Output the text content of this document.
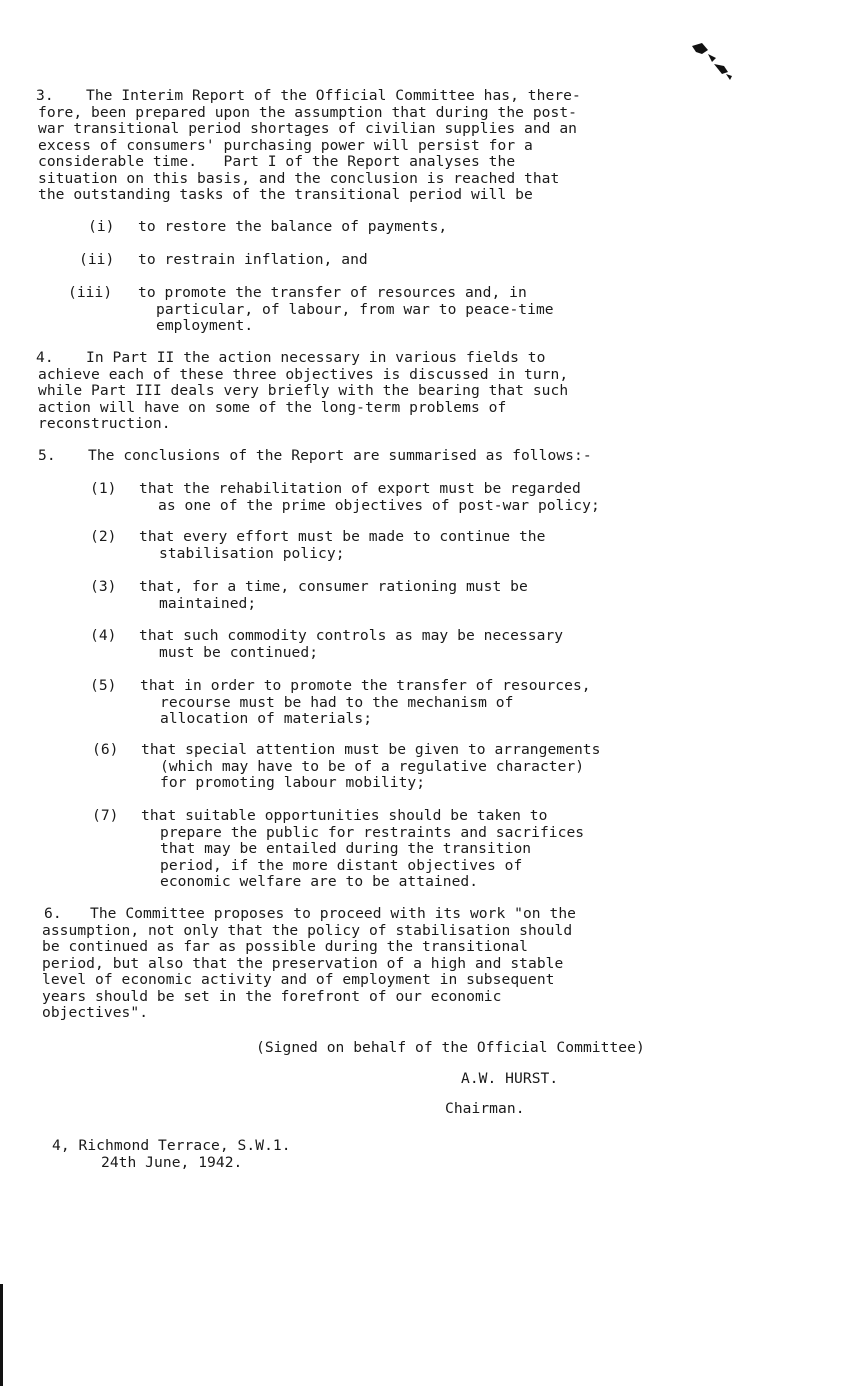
3. The Interim Report of the Official Committee has, there-
fore, been prepared upon the assumption that during the post-
war transitional period shortages of civilian supplies and an
excess of consumers' purchasing power will persist for a
considerable time.   Part I of the Report analyses the
situation on this basis, and the conclusion is reached that
the outstanding tasks of the transitional period will be
(i) to restore the balance of payments,
(ii) to restrain inflation, and
(iii) to promote the transfer of resources and, in
particular, of labour, from war to peace-time
employment.
4. In Part II the action necessary in various fields to
achieve each of these three objectives is discussed in turn,
while Part III deals very briefly with the bearing that such
action will have on some of the long-term problems of
reconstruction.
5. The conclusions of the Report are summarised as follows:-
(1) that the rehabilitation of export must be regarded
as one of the prime objectives of post-war policy;
(2) that every effort must be made to continue the
stabilisation policy;
(3) that, for a time, consumer rationing must be
maintained;
(4) that such commodity controls as may be necessary
must be continued;
(5) that in order to promote the transfer of resources,
recourse must be had to the mechanism of
allocation of materials;
(6) that special attention must be given to arrangements
(which may have to be of a regulative character)
for promoting labour mobility;
(7) that suitable opportunities should be taken to
prepare the public for restraints and sacrifices
that may be entailed during the transition
period, if the more distant objectives of
economic welfare are to be attained.
6. The Committee proposes to proceed with its work "on the
assumption, not only that the policy of stabilisation should
be continued as far as possible during the transitional
period, but also that the preservation of a high and stable
level of economic activity and of employment in subsequent
years should be set in the forefront of our economic
objectives".
(Signed on behalf of the Official Committee)
A.W. HURST.
Chairman.
4, Richmond Terrace, S.W.1.
24th June, 1942.
